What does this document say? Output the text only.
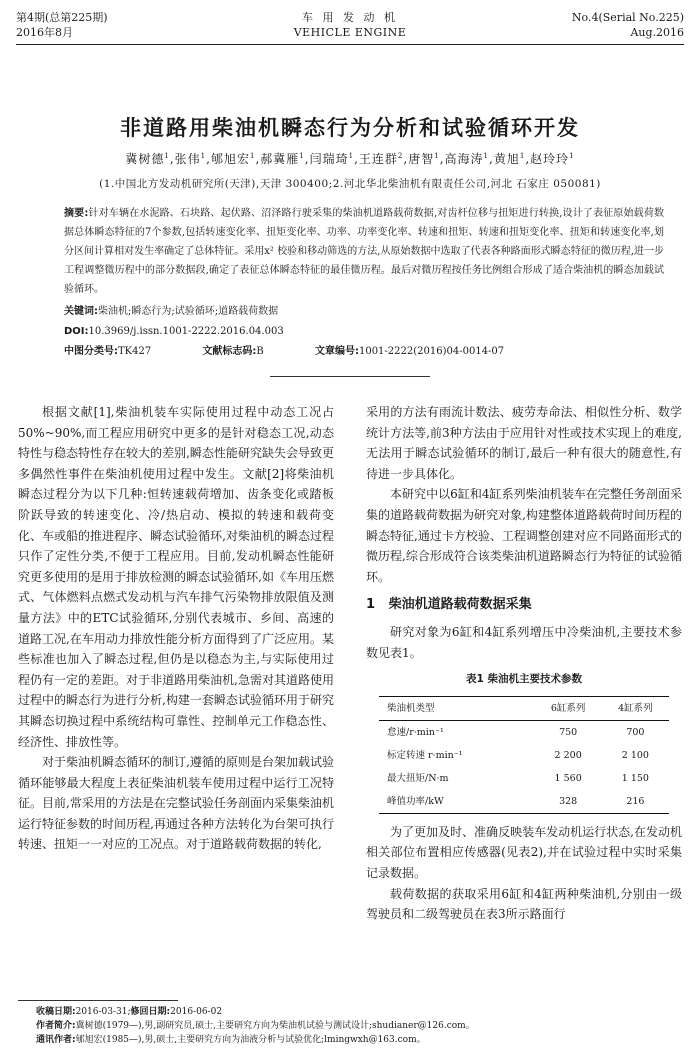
第4期(总第225期)
2016年8月
车 用 发 动 机
VEHICLE ENGINE
No.4(Serial No.225)
Aug.2016
非道路用柴油机瞬态行为分析和试验循环开发
冀树德$^1$,张伟$^1$,郇旭宏$^1$,郝冀雁$^1$,闫瑞琦$^1$,王连群$^2$,唐智$^1$,高海涛$^1$,黄旭$^1$,赵玲玲$^1$
(1.中国北方发动机研究所(天津),天津 300400;2.河北华北柴油机有限责任公司,河北 石家庄 050081)
摘要:针对车辆在水泥路、石块路、起伏路、沼泽路行驶采集的柴油机道路载荷数据,对齿杆位移与扭矩进行转换,设计了表征原始载荷数据总体瞬态特征的7个参数,包括转速变化率、扭矩变化率、功率、功率变化率、转速和扭矩、转速和扭矩变化率、扭矩和转速变化率,划分区间计算相对发生率确定了总体特征。采用x² 校验和移动筛选的方法,从原始数据中选取了代表各种路面形式瞬态特征的微历程,进一步工程调整微历程中的部分数据段,确定了表征总体瞬态特征的最佳微历程。最后对微历程按任务比例组合形成了适合柴油机的瞬态加载试验循环。
关键词:柴油机;瞬态行为;试验循环;道路载荷数据
DOI:10.3969/j.issn.1001-2222.2016.04.003
中图分类号:TK427	文献标志码:B	文章编号:1001-2222(2016)04-0014-07

根据文献[1],柴油机装车实际使用过程中动态工况占50%~90%,而工程应用研究中更多的是针对稳态工况,动态特性与稳态特性存在较大的差别,瞬态性能研究缺失会导致更多偶然性事件在柴油机使用过程中发生。文献[2]将柴油机瞬态过程分为以下几种:恒转速载荷增加、齿条变化或踏板阶跃导致的转速变化、冷/热启动、模拟的转速和载荷变化、车或船的推进程序、瞬态试验循环,对柴油机的瞬态过程只作了定性分类,不便于工程应用。目前,发动机瞬态性能研究更多使用的是用于排放检测的瞬态试验循环,如《车用压燃式、气体燃料点燃式发动机与汽车排气污染物排放限值及测量方法》中的ETC试验循环,分别代表城市、乡间、高速的道路工况,在车用动力排放性能分析方面得到了广泛应用。某些标准也加入了瞬态过程,但仍是以稳态为主,与实际使用过程仍有一定的差距。对于非道路用柴油机,急需对其道路使用过程中的瞬态行为进行分析,构建一套瞬态试验循环用于研究其瞬态切换过程中系统结构可靠性、控制单元工作稳态性、经济性、排放性等。

对于柴油机瞬态循环的制订,遵循的原则是台架加载试验循环能够最大程度上表征柴油机装车使用过程中运行工况特征。目前,常采用的方法是在完整试验任务剖面内采集柴油机运行特征参数的时间历程,再通过各种方法转化为台架可执行转速、扭矩一一对应的工况点。对于道路载荷数据的转化,

采用的方法有雨流计数法、疲劳寿命法、相似性分析、数学统计方法等,前3种方法由于应用针对性或技术实现上的难度,无法用于瞬态试验循环的制订,最后一种有很大的随意性,有待进一步具体化。

本研究中以6缸和4缸系列柴油机装车在完整任务剖面采集的道路载荷数据为研究对象,构建整体道路载荷时间历程的瞬态特征,通过卡方校验、工程调整创建对应不同路面形式的微历程,综合形成符合该类柴油机道路瞬态行为特征的试验循环。

1 柴油机道路载荷数据采集

研究对象为6缸和4缸系列增压中冷柴油机,主要技术参数见表1。

表1 柴油机主要技术参数
柴油机类型	6缸系列	4缸系列
怠速/r·min⁻¹	750	700
标定转速 r·min⁻¹	2 200	2 100
最大扭矩/N·m	1 560	1 150
峰值功率/kW	328	216

为了更加及时、准确反映装车发动机运行状态,在发动机相关部位布置相应传感器(见表2),并在试验过程中实时采集记录数据。

载荷数据的获取采用6缸和4缸两种柴油机,分别由一级驾驶员和二级驾驶员在表3所示路面行

收稿日期:2016-03-31;修回日期:2016-06-02
作者简介:冀树德(1979—),男,副研究员,硕士,主要研究方向为柴油机试验与测试设计;shudianer@126.com。
通讯作者:郇旭宏(1985—),男,硕士,主要研究方向为油液分析与试验优化;lmingwxh@163.com。
